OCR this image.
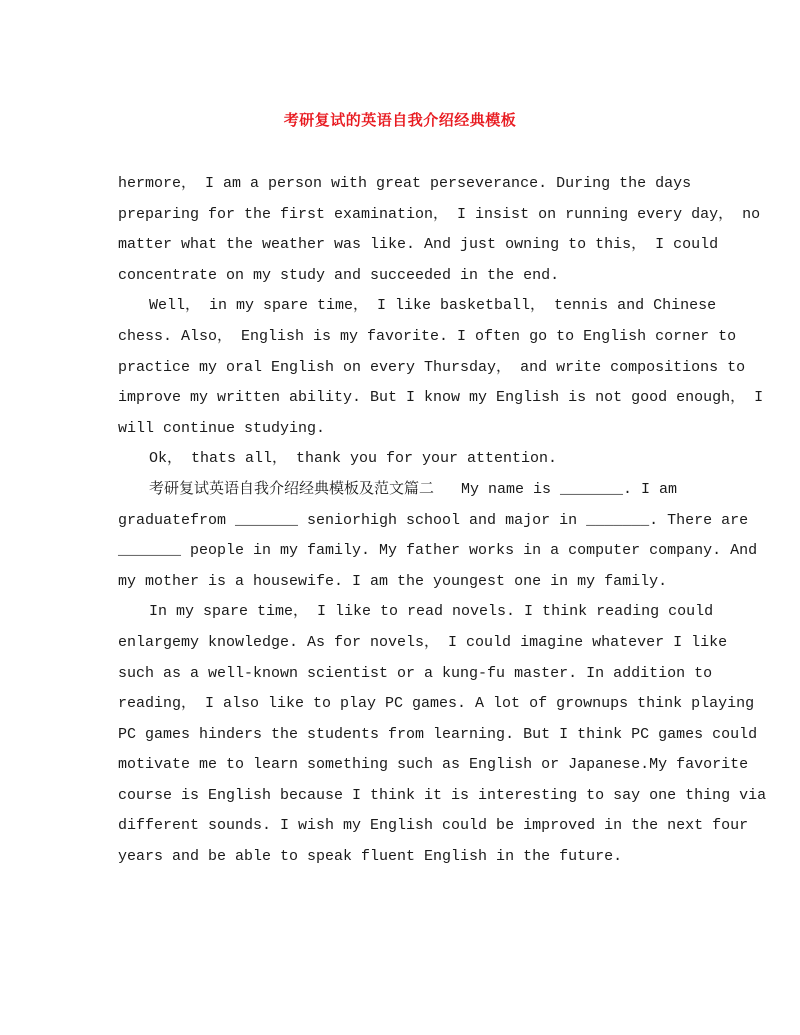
考研复试的英语自我介绍经典模板
hermore， I am a person with great perseverance. During the days
preparing for the first examination， I insist on running every day， no
matter what the weather was like. And just owning to this， I could
concentrate on my study and succeeded in the end.
Well， in my spare time， I like basketball， tennis and Chinese
chess. Also， English is my favorite. I often go to English corner to
practice my oral English on every Thursday， and write compositions to
improve my written ability. But I know my English is not good enough， I
will continue studying.
Ok， thats all， thank you for your attention.
考研复试英语自我介绍经典模板及范文篇二   My name is _______. I am
graduatefrom _______ seniorhigh school and major in _______. There are
_______ people in my family. My father works in a computer company. And
my mother is a housewife. I am the youngest one in my family.
In my spare time， I like to read novels. I think reading could
enlargemy knowledge. As for novels， I could imagine whatever I like
such as a well-known scientist or a kung-fu master. In addition to
reading， I also like to play PC games. A lot of grownups think playing
PC games hinders the students from learning. But I think PC games could
motivate me to learn something such as English or Japanese.My favorite
course is English because I think it is interesting to say one thing via
different sounds. I wish my English could be improved in the next four
years and be able to speak fluent English in the future.
